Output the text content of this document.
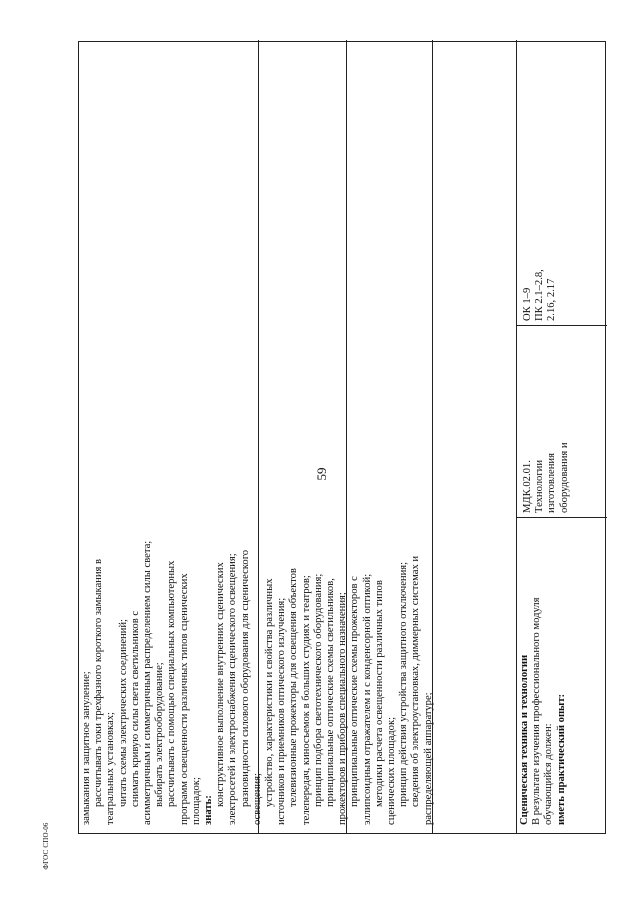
59
ФГОС СПО-06
замыкания и защитное зануление; рассчитывать токи трехфазного короткого замыкания в театральных установках; читать схемы электрических соединений; снимать кривую силы света светильников с асимметричным и симметричным распределением силы света; выбирать электрооборудование; рассчитывать с помощью специальных компьютерных программ освещенности различных типов сценических площадок; знать:
конструктивное выполнение внутренних сценических электросетей и электроснабжения сценического освещения; разновидности силового оборудования для сценического освещения; устройство, характеристики и свойства различных источников и приемников оптического излучения; телевизионные прожекторы для освещения объектов телепередач, киносъемок в больших студиях и театров; принцип подбора светотехнического оборудования; принципиальные оптические схемы светильников, прожекторов и приборов специального назначения; принципиальные оптические схемы прожекторов с эллипсоидным отражателем и с конденсорной оптикой; методики расчета освещенности различных типов сценических площадок; принцип действия устройства защитного отключения; сведения об электроустановках, диммерных системах и распределяющей аппаратуре;	Сценическая техника и технологии В результате изучения профессионального модуля обучающийся должен: иметь практический опыт:
МДК.02.01. Технологии изготовления оборудования и
ОК 1–9 ПК 2.1–2.8, 2.16, 2.17
